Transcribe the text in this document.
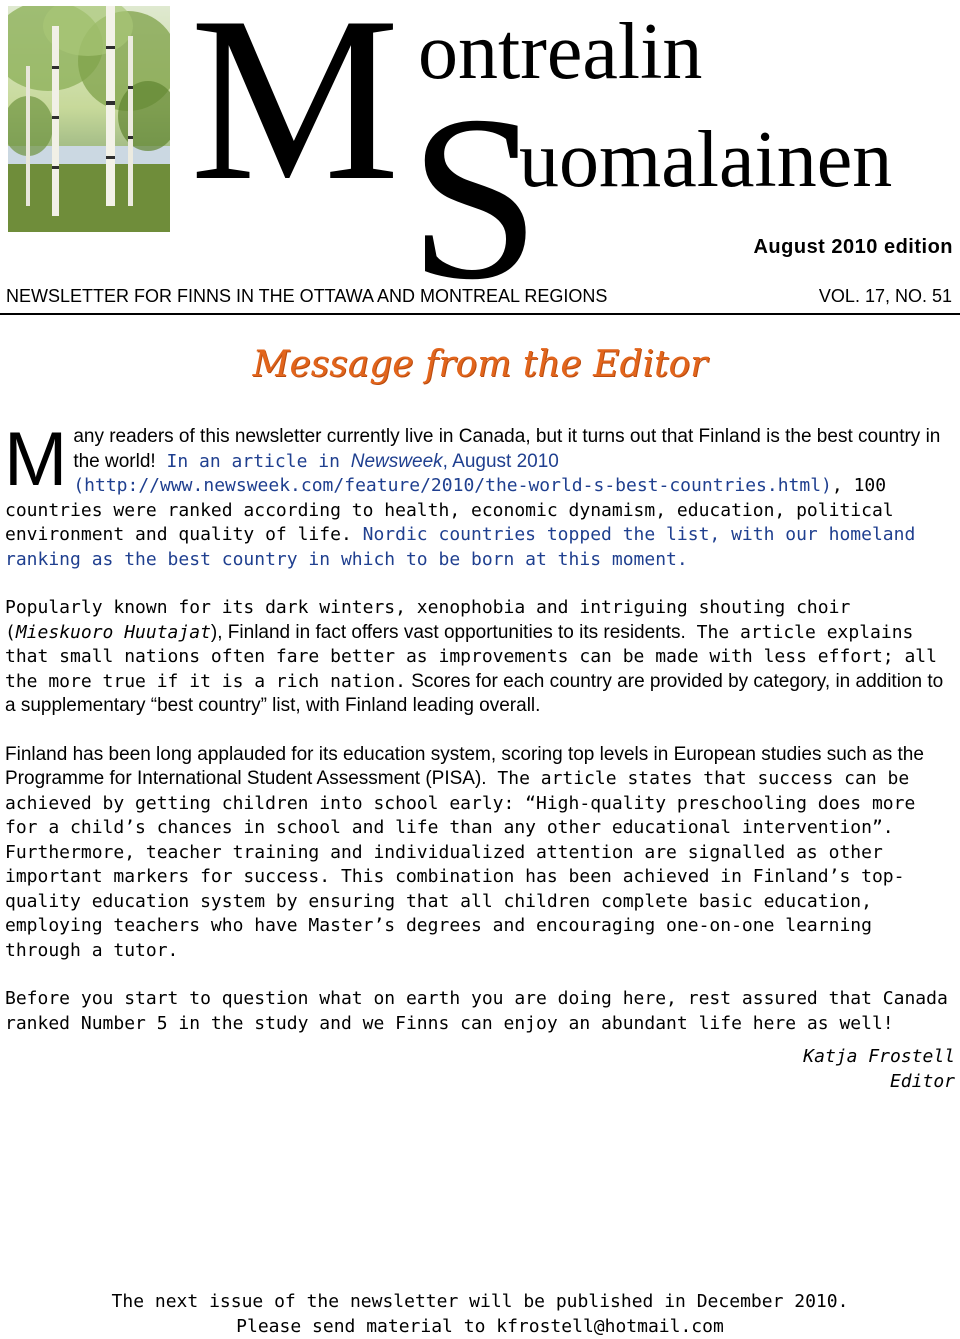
M ontrealin
S
uomalainen
August 2010 edition
NEWSLETTER FOR FINNS IN THE OTTAWA AND MONTREAL REGIONS	VOL. 17, NO. 51
Message from the Editor

Many readers of this newsletter currently live in Canada, but it turns out that Finland is the best country in the world! In an article in Newsweek, August 2010 (http://www.newsweek.com/feature/2010/the-world-s-best-countries.html), 100 countries were ranked according to health, economic dynamism, education, political environment and quality of life. Nordic countries topped the list, with our homeland ranking as the best country in which to be born at this moment.

Popularly known for its dark winters, xenophobia and intriguing shouting choir (Mieskuoro Huutajat), Finland in fact offers vast opportunities to its residents. The article explains that small nations often fare better as improvements can be made with less effort; all the more true if it is a rich nation. Scores for each country are provided by category, in addition to a supplementary “best country” list, with Finland leading overall.

Finland has been long applauded for its education system, scoring top levels in European studies such as the Programme for International Student Assessment (PISA). The article states that success can be achieved by getting children into school early: “High-quality preschooling does more for a child’s chances in school and life than any other educational intervention”. Furthermore, teacher training and individualized attention are signalled as other important markers for success. This combination has been achieved in Finland’s top-quality education system by ensuring that all children complete basic education, employing teachers who have Master’s degrees and encouraging one-on-one learning through a tutor.

Before you start to question what on earth you are doing here, rest assured that Canada ranked Number 5 in the study and we Finns can enjoy an abundant life here as well!

Katja Frostell
Editor
The next issue of the newsletter will be published in December 2010.
Please send material to kfrostell@hotmail.com
